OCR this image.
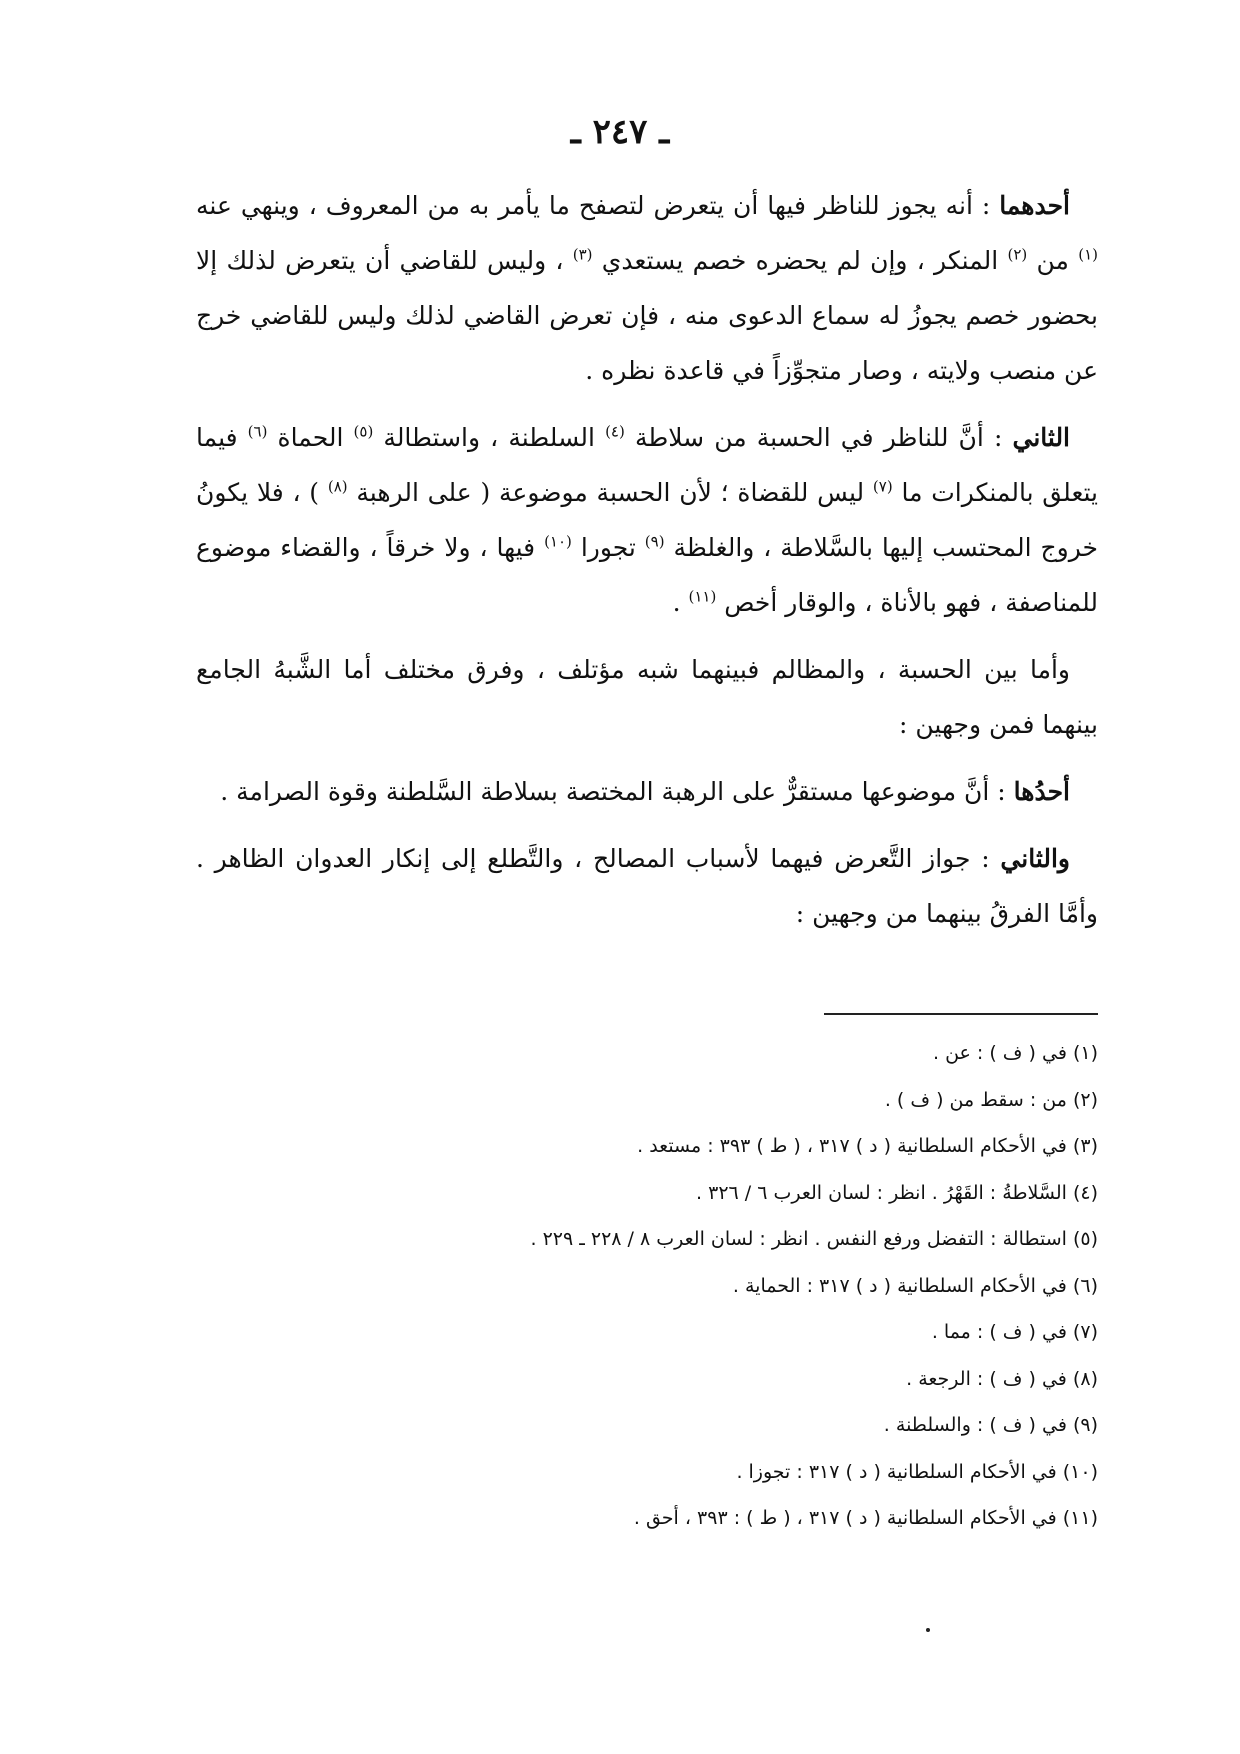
ـ ٢٤٧ ـ

أحدهما : أنه يجوز للناظر فيها أن يتعرض لتصفح ما يأمر به من المعروف ، وينهي عنه $^{(١)}$ من $^{(٢)}$ المنكر ، وإن لم يحضره خصم يستعدي $^{(٣)}$ ، وليس للقاضي أن يتعرض لذلك إلا بحضور خصم يجوزُ له سماع الدعوى منه ، فإن تعرض القاضي لذلك وليس للقاضي خرج عن منصب ولايته ، وصار متجوِّزاً في قاعدة نظره .

الثاني : أنَّ للناظر في الحسبة من سلاطة $^{(٤)}$ السلطنة ، واستطالة $^{(٥)}$ الحماة $^{(٦)}$ فيما يتعلق بالمنكرات ما $^{(٧)}$ ليس للقضاة ؛ لأن الحسبة موضوعة ( على الرهبة $^{(٨)}$ ) ، فلا يكونُ خروج المحتسب إليها بالسَّلاطة ، والغلظة $^{(٩)}$ تجورا $^{(١٠)}$ فيها ، ولا خرقاً ، والقضاء موضوع للمناصفة ، فهو بالأناة ، والوقار أخص $^{(١١)}$ .

وأما بين الحسبة ، والمظالم فبينهما شبه مؤتلف ، وفرق مختلف أما الشَّبهُ الجامع بينهما فمن وجهين :

أحدُها : أنَّ موضوعها مستقرٌّ على الرهبة المختصة بسلاطة السَّلطنة وقوة الصرامة .

والثاني : جواز التَّعرض فيهما لأسباب المصالح ، والتَّطلع إلى إنكار العدوان الظاهر . وأمَّا الفرقُ بينهما من وجهين :

(١) في ( ف ) : عن .

(٢) من : سقط من ( ف ) .

(٣) في الأحكام السلطانية ( د ) ٣١٧ ، ( ط ) ٣٩٣ : مستعد .

(٤) السَّلاطةُ : القَهْرُ . انظر : لسان العرب ٦ / ٣٢٦ .

(٥) استطالة : التفضل ورفع النفس . انظر : لسان العرب ٨ / ٢٢٨ ـ ٢٢٩ .

(٦) في الأحكام السلطانية ( د ) ٣١٧ : الحماية .

(٧) في ( ف ) : مما .

(٨) في ( ف ) : الرجعة .

(٩) في ( ف ) : والسلطنة .

(١٠) في الأحكام السلطانية ( د ) ٣١٧ : تجوزا .

(١١) في الأحكام السلطانية ( د ) ٣١٧ ، ( ط ) : ٣٩٣ ، أحق .
